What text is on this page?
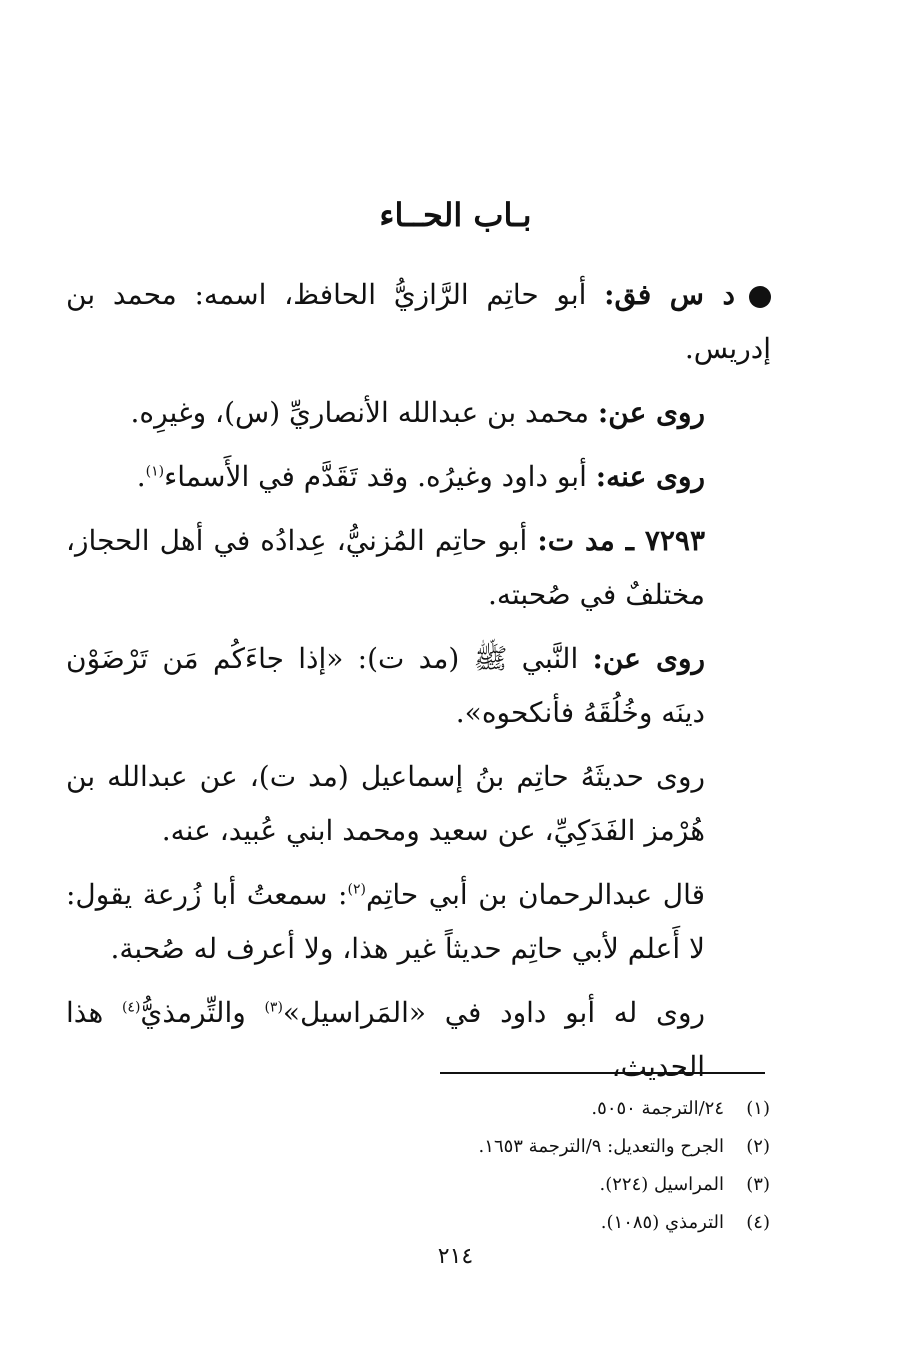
بـاب الحــاء

د س فق: أبو حاتِم الرَّازيُّ الحافظ، اسمه: محمد بن إدريس.

روى عن: محمد بن عبدالله الأنصاريِّ (س)، وغيرِه.

روى عنه: أبو داود وغيرُه. وقد تَقَدَّم في الأَسماء$^{(١)}$.

٧٢٩٣ ـ مد ت: أبو حاتِم المُزنيُّ، عِدادُه في أهل الحجاز، مختلفٌ في صُحبته.

روى عن: النَّبي ﷺ (مد ت): «إذا جاءَكُم مَن تَرْضَوْن دينَه وخُلُقَهُ فأنكحوه».

روى حديثَهُ حاتِم بنُ إسماعيل (مد ت)، عن عبدالله بن هُرْمز الفَدَكِيِّ، عن سعيد ومحمد ابني عُبيد، عنه.

قال عبدالرحمان بن أبي حاتِم$^{(٢)}$: سمعتُ أبا زُرعة يقول: لا أَعلم لأبي حاتِم حديثاً غير هذا، ولا أعرف له صُحبة.

روى له أبو داود في «المَراسيل»$^{(٣)}$ والتِّرمذيُّ$^{(٤)}$ هذا الحديث،

(١)
٢٤/الترجمة ٥٠٥٠.
(٢)
الجرح والتعديل: ٩/الترجمة ١٦٥٣.
(٣)
المراسيل (٢٢٤).
(٤)
الترمذي (١٠٨٥).
٢١٤
